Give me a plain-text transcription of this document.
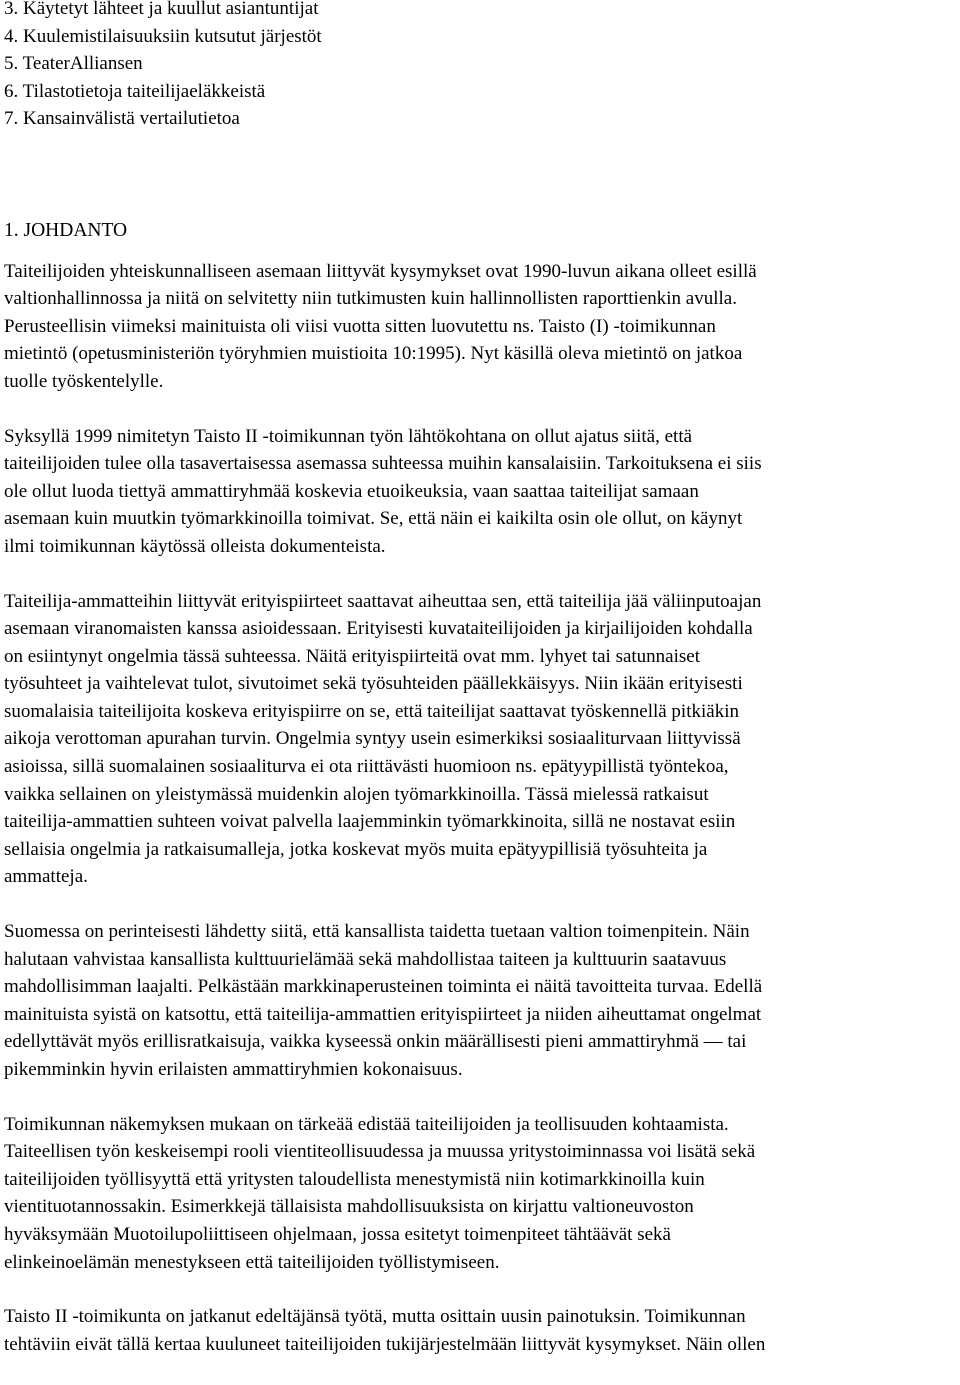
3. Käytetyt lähteet ja kuullut asiantuntijat

4. Kuulemistilaisuuksiin kutsutut järjestöt

5. TeaterAlliansen

6. Tilastotietoja taiteilijaeläkkeistä

7. Kansainvälistä vertailutietoa

1. JOHDANTO

Taiteilijoiden yhteiskunnalliseen asemaan liittyvät kysymykset ovat 1990-luvun aikana olleet esillä
valtionhallinnossa ja niitä on selvitetty niin tutkimusten kuin hallinnollisten raporttienkin avulla.
Perusteellisin viimeksi mainituista oli viisi vuotta sitten luovutettu ns. Taisto (I) -toimikunnan
mietintö (opetusministeriön työryhmien muistioita 10:1995). Nyt käsillä oleva mietintö on jatkoa
tuolle työskentelylle.

Syksyllä 1999 nimitetyn Taisto II -toimikunnan työn lähtökohtana on ollut ajatus siitä, että
taiteilijoiden tulee olla tasavertaisessa asemassa suhteessa muihin kansalaisiin. Tarkoituksena ei siis
ole ollut luoda tiettyä ammattiryhmää koskevia etuoikeuksia, vaan saattaa taiteilijat samaan
asemaan kuin muutkin työmarkkinoilla toimivat. Se, että näin ei kaikilta osin ole ollut, on käynyt
ilmi toimikunnan käytössä olleista dokumenteista.

Taiteilija-ammatteihin liittyvät erityispiirteet saattavat aiheuttaa sen, että taiteilija jää väliinputoajan
asemaan viranomaisten kanssa asioidessaan. Erityisesti kuvataiteilijoiden ja kirjailijoiden kohdalla
on esiintynyt ongelmia tässä suhteessa. Näitä erityispiirteitä ovat mm. lyhyet tai satunnaiset
työsuhteet ja vaihtelevat tulot, sivutoimet sekä työsuhteiden päällekkäisyys. Niin ikään erityisesti
suomalaisia taiteilijoita koskeva erityispiirre on se, että taiteilijat saattavat työskennellä pitkiäkin
aikoja verottoman apurahan turvin. Ongelmia syntyy usein esimerkiksi sosiaaliturvaan liittyvissä
asioissa, sillä suomalainen sosiaaliturva ei ota riittävästi huomioon ns. epätyypillistä työntekoa,
vaikka sellainen on yleistymässä muidenkin alojen työmarkkinoilla. Tässä mielessä ratkaisut
taiteilija-ammattien suhteen voivat palvella laajemminkin työmarkkinoita, sillä ne nostavat esiin
sellaisia ongelmia ja ratkaisumalleja, jotka koskevat myös muita epätyypillisiä työsuhteita ja
ammatteja.

Suomessa on perinteisesti lähdetty siitä, että kansallista taidetta tuetaan valtion toimenpitein. Näin
halutaan vahvistaa kansallista kulttuurielämää sekä mahdollistaa taiteen ja kulttuurin saatavuus
mahdollisimman laajalti. Pelkästään markkinaperusteinen toiminta ei näitä tavoitteita turvaa. Edellä
mainituista syistä on katsottu, että taiteilija-ammattien erityispiirteet ja niiden aiheuttamat ongelmat
edellyttävät myös erillisratkaisuja, vaikka kyseessä onkin määrällisesti pieni ammattiryhmä — tai
pikemminkin hyvin erilaisten ammattiryhmien kokonaisuus.

Toimikunnan näkemyksen mukaan on tärkeää edistää taiteilijoiden ja teollisuuden kohtaamista.
Taiteellisen työn keskeisempi rooli vientiteollisuudessa ja muussa yritystoiminnassa voi lisätä sekä
taiteilijoiden työllisyyttä että yritysten taloudellista menestymistä niin kotimarkkinoilla kuin
vientituotannossakin. Esimerkkejä tällaisista mahdollisuuksista on kirjattu valtioneuvoston
hyväksymään Muotoilupoliittiseen ohjelmaan, jossa esitetyt toimenpiteet tähtäävät sekä
elinkeinoelämän menestykseen että taiteilijoiden työllistymiseen.

Taisto II -toimikunta on jatkanut edeltäjänsä työtä, mutta osittain uusin painotuksin. Toimikunnan
tehtäviin eivät tällä kertaa kuuluneet taiteilijoiden tukijärjestelmään liittyvät kysymykset. Näin ollen
